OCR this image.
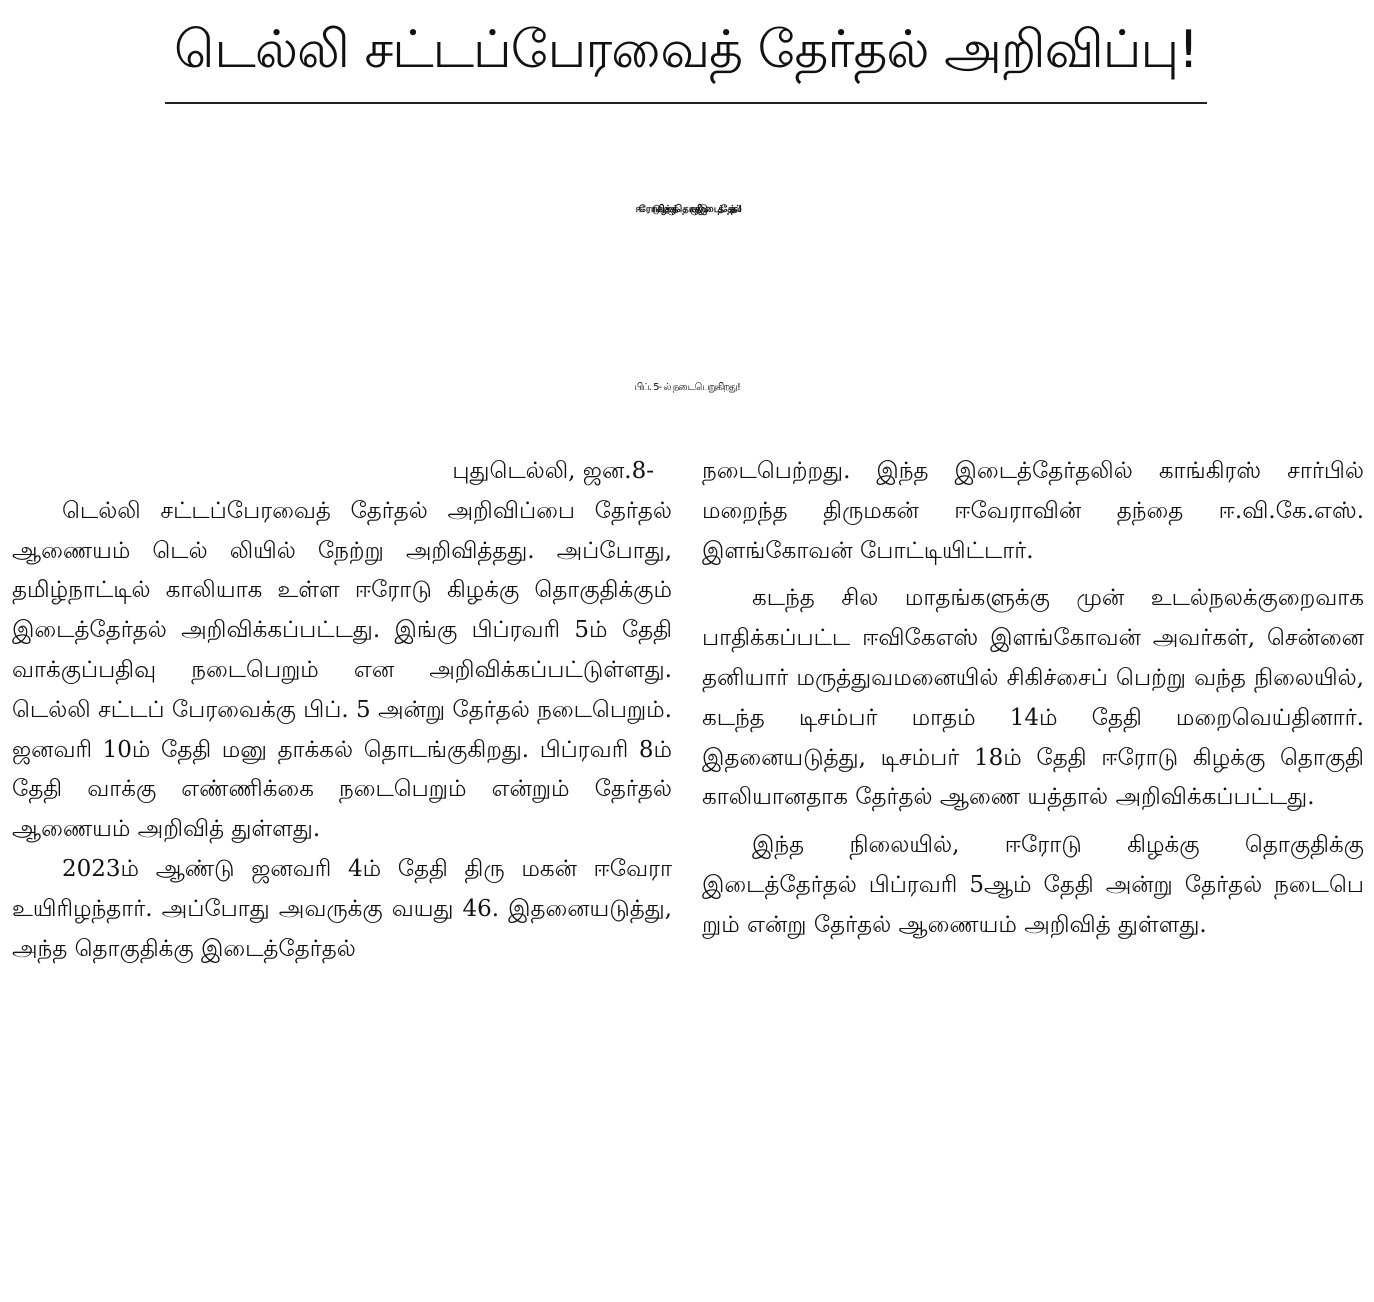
டெல்லி சட்டப்பேரவைத் தேர்தல் அறிவிப்பு!
ஈரோடு கிழக்குத்தொகுதி இடைத்தேர்தல்!
பிப். 5- ல் நடைபெறுகிறது!
புதுடெல்லி, ஜன.8-

டெல்லி சட்டப்பேரவைத் தேர்தல் அறிவிப்பை தேர்தல் ஆணையம் டெல் லியில் நேற்று அறிவித்தது. அப்போது, தமிழ்நாட்டில் காலியாக உள்ள ஈரோடு கிழக்கு தொகுதிக்கும் இடைத்தேர்தல் அறிவிக்கப்பட்டது. இங்கு பிப்ரவரி 5ம் தேதி வாக்குப்பதிவு நடைபெறும் என அறிவிக்கப்பட்டுள்ளது. டெல்லி சட்டப் பேரவைக்கு பிப். 5 அன்று தேர்தல் நடைபெறும். ஜனவரி 10ம் தேதி மனு தாக்கல் தொடங்குகிறது. பிப்ரவரி 8ம் தேதி வாக்கு எண்ணிக்கை நடைபெறும் என்றும் தேர்தல் ஆணையம் அறிவித் துள்ளது.

2023ம் ஆண்டு ஜனவரி 4ம் தேதி திரு மகன் ஈவேரா உயிரிழந்தார். அப்போது அவருக்கு வயது 46. இதனையடுத்து, அந்த தொகுதிக்கு இடைத்தேர்தல்

நடைபெற்றது. இந்த இடைத்தேர்தலில் காங்கிரஸ் சார்பில் மறைந்த திருமகன் ஈவேராவின் தந்தை ஈ.வி.கே.எஸ். இளங்கோவன் போட்டியிட்டார்.

கடந்த சில மாதங்களுக்கு முன் உடல்நலக்குறைவாக பாதிக்கப்பட்ட ஈவிகேஎஸ் இளங்கோவன் அவர்கள், சென்னை தனியார் மருத்துவமனையில் சிகிச்சைப் பெற்று வந்த நிலையில், கடந்த டிசம்பர் மாதம் 14ம் தேதி மறைவெய்தினார். இதனையடுத்து, டிசம்பர் 18ம் தேதி ஈரோடு கிழக்கு தொகுதி காலியானதாக தேர்தல் ஆணை யத்தால் அறிவிக்கப்பட்டது.

இந்த நிலையில், ஈரோடு கிழக்கு தொகுதிக்கு இடைத்தேர்தல் பிப்ரவரி 5ஆம் தேதி அன்று தேர்தல் நடைபெ றும் என்று தேர்தல் ஆணையம் அறிவித் துள்ளது.
